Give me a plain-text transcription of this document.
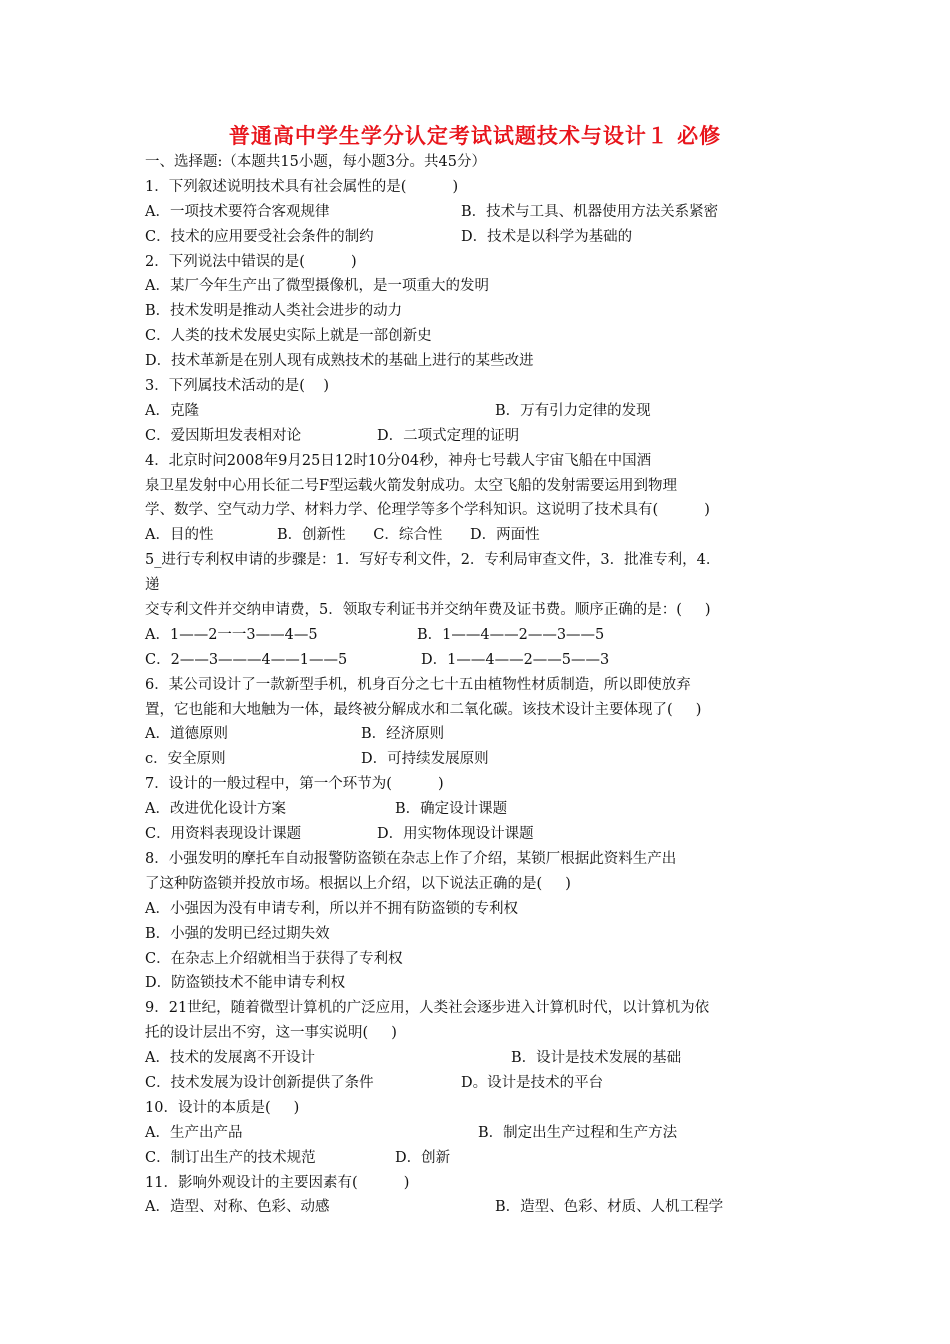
普通高中学生学分认定考试试题技术与设计１ 必修
一、选择题:（本题共15小题，每小题3分。共45分）
1．下列叙述说明技术具有社会属性的是(          )
A．一项技术要符合客观规律	B．技术与工具、机器使用方法关系紧密
C．技术的应用要受社会条件的制约	D．技术是以科学为基础的
2．下列说法中错误的是(          )
A．某厂今年生产出了微型摄像机，是一项重大的发明
B．技术发明是推动人类社会进步的动力
C．人类的技术发展史实际上就是一部创新史
D．技术革新是在别人现有成熟技术的基础上进行的某些改进
3．下列属技术活动的是(    )
A．克隆	B．万有引力定律的发现
C．爱因斯坦发表相对论	D．二项式定理的证明
4．北京时问2008年9月25日12时10分04秒，神舟七号载人宇宙飞船在中国酒
泉卫星发射中心用长征二号F型运载火箭发射成功。太空飞船的发射需要运用到物理
学、数学、空气动力学、材料力学、伦理学等多个学科知识。这说明了技术具有(          )
A．目的性	B．创新性      C．综合性      D．两面性
5_进行专利权申请的步骤是：1．写好专利文件，2．专利局审查文件，3．批准专利，4．
递
交专利文件并交纳申请费，5．领取专利证书并交纳年费及证书费。顺序正确的是：(     )
A．1——2一一3——4—5	B．1——4——2——3——5
C．2——3———4——1——5	D．1——4——2——5——3
6．某公司设计了一款新型手机，机身百分之七十五由植物性材质制造，所以即使放弃
置，它也能和大地触为一体，最终被分解成水和二氧化碳。该技术设计主要体现了(     )
A．道德原则	B．经济原则
c．安全原则	D．可持续发展原则
7．设计的一般过程中，第一个环节为(          )
A．改进优化设计方案	B．确定设计课题
C．用资料表现设计课题	D．用实物体现设计课题
8．小强发明的摩托车自动报警防盗锁在杂志上作了介绍，某锁厂根据此资料生产出
了这种防盗锁并投放市场。根据以上介绍，以下说法正确的是(     )
A．小强因为没有申请专利，所以并不拥有防盗锁的专利权
B．小强的发明已经过期失效
C．在杂志上介绍就相当于获得了专利权
D．防盗锁技术不能申请专利权
9．21世纪，随着微型计算机的广泛应用，人类社会逐步进入计算机时代，以计算机为依
托的设计层出不穷，这一事实说明(     )
A．技术的发展离不开设计	B．设计是技术发展的基础
C．技术发展为设计创新提供了条件	D。设计是技术的平台
10．设计的本质是(     )
A．生产出产品	B．制定出生产过程和生产方法
C．制订出生产的技术规范	D．创新
11．影响外观设计的主要因素有(          )
A．造型、对称、色彩、动感	B．造型、色彩、材质、人机工程学
